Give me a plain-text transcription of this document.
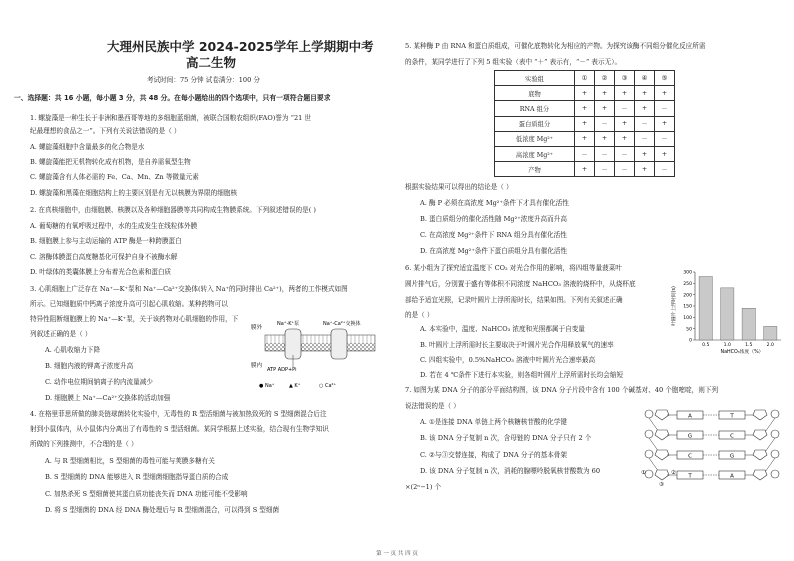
大理州民族中学 2024-2025学年上学期期中考
高二生物
考试时间：75 分钟 试卷满分：100 分
一、选择题：共 16 小题，每小题 3 分，共 48 分。在每小题给出的四个选项中，只有一项符合题目要求
1. 螺旋藻是一种生长于非洲和墨西哥等地的多细胞蓝细菌，被联合国粮农组织(FAO)誉为 “21 世
纪最理想的食品之一”。下列有关说法错误的是（ ）
A. 螺旋藻细胞中含量最多的化合物是水
B. 螺旋藻能把无机物转化成有机物，是自养需氧型生物
C. 螺旋藻含有人体必需的 Fe、Ca、Mn、Zn 等微量元素
D. 螺旋藻和黑藻在细胞结构上的主要区别是有无以核膜为界限的细胞核
2. 在真核细胞中，由细胞膜、核膜以及各种细胞器膜等共同构成生物膜系统。下列叙述错误的是( )
A. 葡萄糖的有氧呼吸过程中，水的生成发生在线粒体外膜
B. 细胞膜上参与主动运输的 ATP 酶是一种跨膜蛋白
C. 溶酶体膜蛋白高度糖基化可保护自身不被酶水解
D. 叶绿体的类囊体膜上分布着光合色素和蛋白质
3. 心肌细胞上广泛存在 Na⁺—K⁺泵和 Na⁺—Ca²⁺交换体(转入 Na⁺的同时排出 Ca²⁺)，两者的工作模式如图
所示。已知细胞质中钙离子浓度升高可引起心肌收缩。某种药物可以
特异性阻断细胞膜上的 Na⁺—K⁺泵，关于该药物对心肌细胞的作用，下
列叙述正确的是（ ）
A. 心肌收缩力下降
B. 细胞内液的钾离子浓度升高
C. 动作电位期间钠离子的内流量减少
D. 细胞膜上 Na⁺—Ca²⁺交换体的活动加强
膜外
膜内
Na⁺-K⁺泵	Na⁺-Ca²⁺交换体
ATP ADP+Pi
● Na⁺	▲ K⁺	○ Ca²⁺
4. 在格里菲思所做的肺炎链球菌转化实验中，无毒性的 R 型活细菌与被加热致死的 S 型细菌混合后注
射到小鼠体内，从小鼠体内分离出了有毒性的 S 型活细菌。某同学根据上述实验，结合现有生物学知识
所做的下列推测中，不合理的是（ ）
A. 与 R 型细菌相比，S 型细菌的毒性可能与荚膜多糖有关
B. S 型细菌的 DNA 能够进入 R 型细菌细胞指导蛋白质的合成
C. 加热杀死 S 型细菌使其蛋白质功能丧失而 DNA 功能可能不受影响
D. 将 S 型细菌的 DNA 经 DNA 酶处理后与 R 型细菌混合，可以得到 S 型细菌
5. 某种酶 P 由 RNA 和蛋白质组成，可催化底物转化为相应的产物。为探究该酶不同组分催化反应所需
的条件，某同学进行了下列 5 组实验（表中 “＋” 表示有，“－” 表示无）。
实验组	①	②	③	④	⑤
底物	+	+	+	+	+
RNA 组分	+	+	－	+	－
蛋白质组分	+	－	+	－	+
低浓度 Mg²⁺	+	+	+	－	－
高浓度 Mg²⁺	－	－	－	+	+
产物	+	－	－	+	－
根据实验结果可以得出的结论是（ ）
A. 酶 P 必须在高浓度 Mg²⁺条件下才具有催化活性
B. 蛋白质组分的催化活性随 Mg²⁺浓度升高而升高
C. 在高浓度 Mg²⁺条件下 RNA 组分具有催化活性
D. 在高浓度 Mg²⁺条件下蛋白质组分具有催化活性
6. 某小组为了探究适宜温度下 CO₂ 对光合作用的影响，将四组等量菠菜叶
圆片排气后，分别置于盛有等体积不同浓度 NaHCO₃ 溶液的烧杯中，从烧杯底
部给予适宜光照，记录叶圆片上浮所需时长，结果如图。下列有关叙述正确
的是（ ）
A. 本实验中，温度、NaHCO₃ 浓度和光照都属于自变量
B. 叶圆片上浮所需时长主要取决于叶圆片光合作用释放氧气的速率
C. 四组实验中，0.5%NaHCO₃ 溶液中叶圆片光合速率最高
D. 若在 4 ℃条件下进行本实验，则各组叶圆片上浮所需时长均会缩短
0
50
100
150
200
250
300
0.5	1.0	1.5	2.0
NaHCO₃浓度（%）
叶圆片上浮时间(s)
7. 如图为某 DNA 分子的部分平面结构图，该 DNA 分子片段中含有 100 个碱基对、40 个胞嘧啶，则下列
说法错误的是（ ）
A. ①是连接 DNA 单链上两个核糖核苷酸的化学键
B. 该 DNA 分子复制 n 次，含母链的 DNA 分子只有 2 个
C. ②与③交替连接，构成了 DNA 分子的基本骨架
D. 该 DNA 分子复制 n 次，消耗的腺嘌呤脱氧核苷酸数为 60
×(2ⁿ−1) 个
A	T
G	C
C	G
T	A
①	②
③
第 一 页 共 四 页
